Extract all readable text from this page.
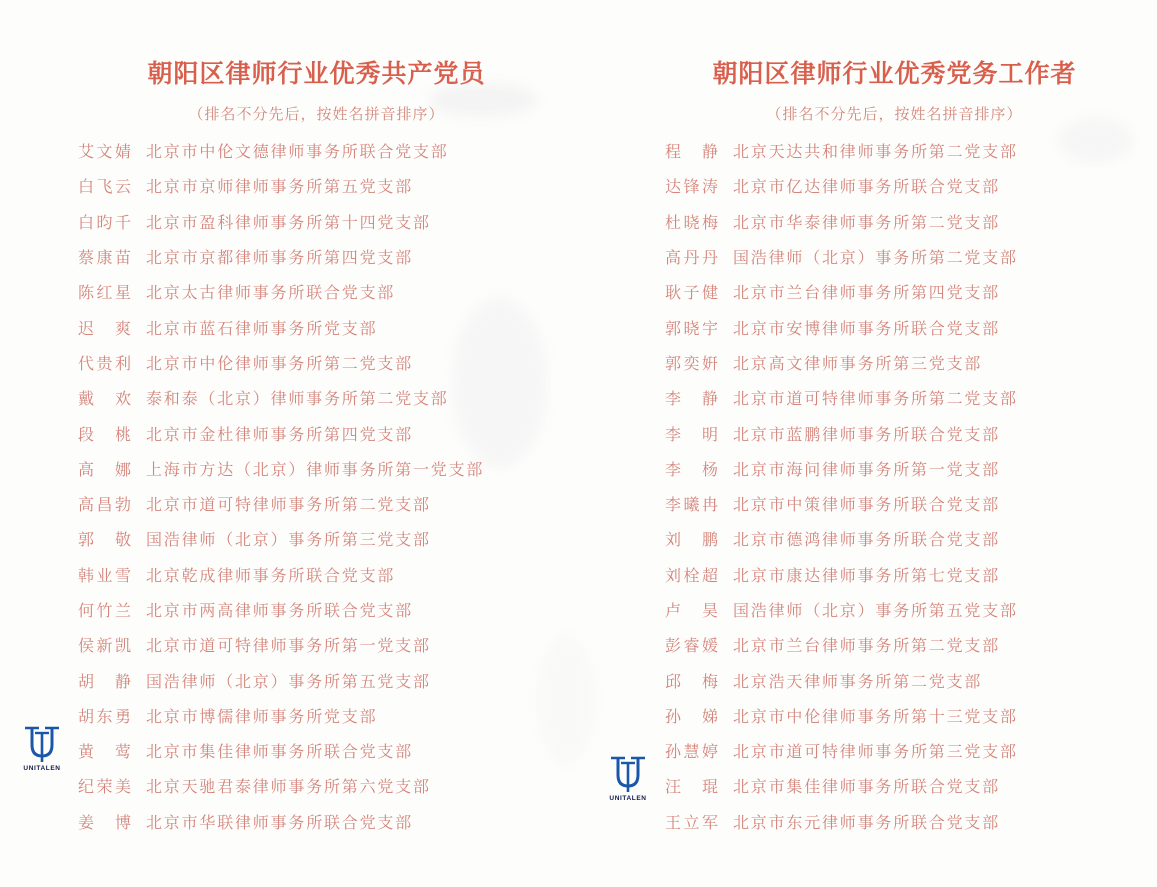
朝阳区律师行业优秀共产党员
（排名不分先后，按姓名拼音排序）
艾文婧 北京市中伦文德律师事务所联合党支部
白飞云 北京市京师律师事务所第五党支部
白昀千 北京市盈科律师事务所第十四党支部
蔡康苗 北京市京都律师事务所第四党支部
陈红星 北京太古律师事务所联合党支部
迟爽 北京市蓝石律师事务所党支部
代贵利 北京市中伦律师事务所第二党支部
戴欢 泰和泰（北京）律师事务所第二党支部
段桃 北京市金杜律师事务所第四党支部
高娜 上海市方达（北京）律师事务所第一党支部
高昌勃 北京市道可特律师事务所第二党支部
郭敬 国浩律师（北京）事务所第三党支部
韩业雪 北京乾成律师事务所联合党支部
何竹兰 北京市两高律师事务所联合党支部
侯新凯 北京市道可特律师事务所第一党支部
胡静 国浩律师（北京）事务所第五党支部
胡东勇 北京市博儒律师事务所党支部
黄莺 北京市集佳律师事务所联合党支部
纪荣美 北京天驰君泰律师事务所第六党支部
姜博 北京市华联律师事务所联合党支部
朝阳区律师行业优秀党务工作者
（排名不分先后，按姓名拼音排序）
程静 北京天达共和律师事务所第二党支部
达锋涛 北京市亿达律师事务所联合党支部
杜晓梅 北京市华泰律师事务所第二党支部
高丹丹 国浩律师（北京）事务所第二党支部
耿子健 北京市兰台律师事务所第四党支部
郭晓宇 北京市安博律师事务所联合党支部
郭奕姸 北京高文律师事务所第三党支部
李静 北京市道可特律师事务所第二党支部
李明 北京市蓝鹏律师事务所联合党支部
李杨 北京市海问律师事务所第一党支部
李曦冉 北京市中策律师事务所联合党支部
刘鹏 北京市德鸿律师事务所联合党支部
刘栓超 北京市康达律师事务所第七党支部
卢昊 国浩律师（北京）事务所第五党支部
彭睿媛 北京市兰台律师事务所第二党支部
邱梅 北京浩天律师事务所第二党支部
孙娣 北京市中伦律师事务所第十三党支部
孙慧婷 北京市道可特律师事务所第三党支部
汪琨 北京市集佳律师事务所联合党支部
王立军 北京市东元律师事务所联合党支部
UNITALEN
UNITALEN
